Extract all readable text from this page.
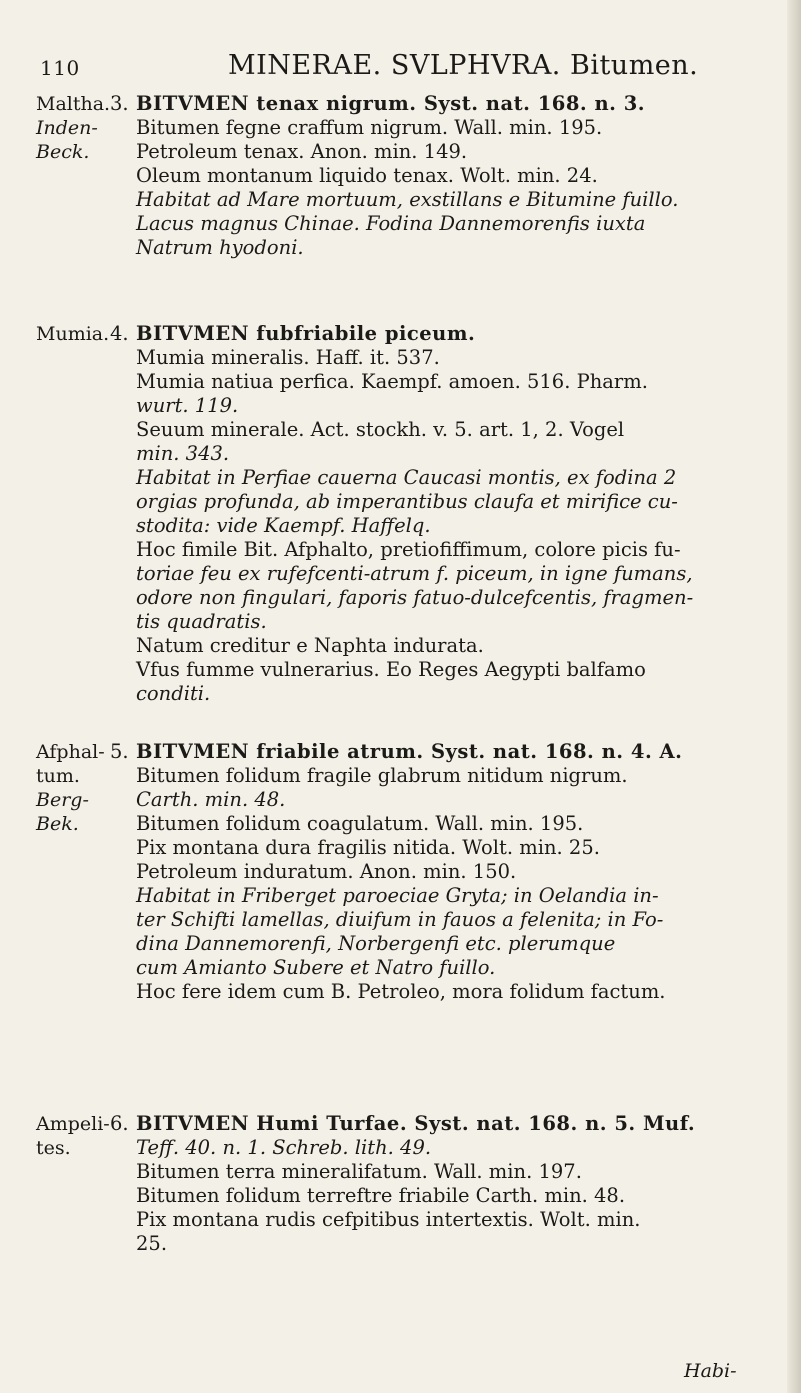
110	MINERAE. SVLPHVRA. Bitumen.
Maltha.
Inden-
Beck.
3. BITVMEN tenax nigrum. Syst. nat. 168. n. 3.
Bitumen fegne craffum nigrum. Wall. min. 195.
Petroleum tenax. Anon. min. 149.
Oleum montanum liquido tenax. Wolt. min. 24.
Habitat ad Mare mortuum, exstillans e Bitumine fuillo.
Lacus magnus Chinae. Fodina Dannemorenfis iuxta
Natrum hyodoni.
Mumia. 4. BITVMEN fubfriabile piceum.
Mumia mineralis. Haff. it. 537.
Mumia natiua perfica. Kaempf. amoen. 516. Pharm.
wurt. 119.
Seuum minerale. Act. stockh. v. 5. art. 1, 2. Vogel
min. 343.
Habitat in Perfiae cauerna Caucasi montis, ex fodina 2
orgias profunda, ab imperantibus claufa et mirifice cu-
stodita: vide Kaempf. Haffelq.
Hoc fimile Bit. Afphalto, pretiofiffimum, colore picis fu-
toriae feu ex rufefcenti-atrum f. piceum, in igne fumans,
odore non fingulari, faporis fatuo-dulcefcentis, fragmen-
tis quadratis.
Natum creditur e Naphta indurata.
Vfus fumme vulnerarius. Eo Reges Aegypti balfamo
conditi.
Afphal-
tum.
Berg-Bek.
5. BITVMEN friabile atrum. Syst. nat. 168. n. 4. A.
Bitumen folidum fragile glabrum nitidum nigrum.
Carth. min. 48.
Bitumen folidum coagulatum. Wall. min. 195.
Pix montana dura fragilis nitida. Wolt. min. 25.
Petroleum induratum. Anon. min. 150.
Habitat in Friberget paroeciae Gryta; in Oelandia in-
ter Schifti lamellas, diuifum in fauos a felenita; in Fo-
dina Dannemorenfi, Norbergenfi etc. plerumque
cum Amianto Subere et Natro fuillo.
Hoc fere idem cum B. Petroleo, mora folidum factum.
Ampeli-
tes.
6. BITVMEN Humi Turfae. Syst. nat. 168. n. 5. Muf.
Teff. 40. n. 1. Schreb. lith. 49.
Bitumen terra mineralifatum. Wall. min. 197.
Bitumen folidum terreftre friabile Carth. min. 48.
Pix montana rudis cefpitibus intertextis. Wolt. min.
25.
Habi-
